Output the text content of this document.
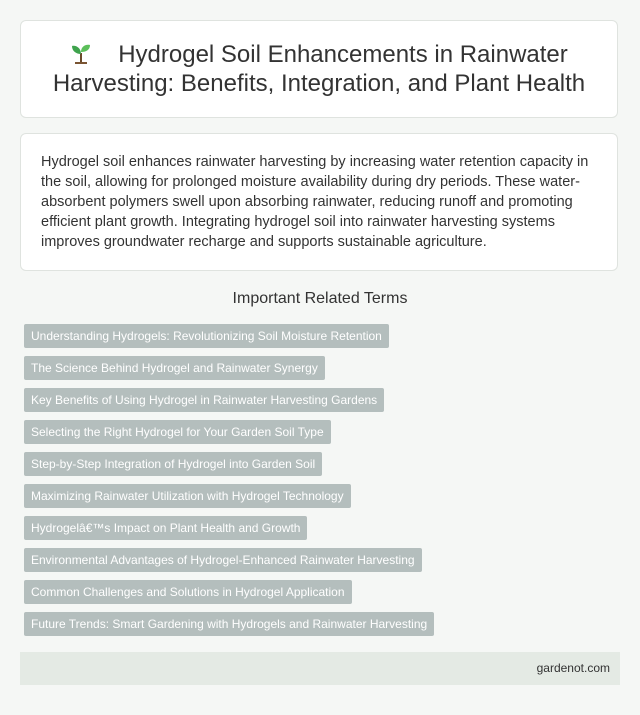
Hydrogel Soil Enhancements in Rainwater Harvesting: Benefits, Integration, and Plant Health

Hydrogel soil enhances rainwater harvesting by increasing water retention capacity in the soil, allowing for prolonged moisture availability during dry periods. These water-absorbent polymers swell upon absorbing rainwater, reducing runoff and promoting efficient plant growth. Integrating hydrogel soil into rainwater harvesting systems improves groundwater recharge and supports sustainable agriculture.

Important Related Terms
Understanding Hydrogels: Revolutionizing Soil Moisture Retention
The Science Behind Hydrogel and Rainwater Synergy
Key Benefits of Using Hydrogel in Rainwater Harvesting Gardens
Selecting the Right Hydrogel for Your Garden Soil Type
Step-by-Step Integration of Hydrogel into Garden Soil
Maximizing Rainwater Utilization with Hydrogel Technology
Hydrogelâ€™s Impact on Plant Health and Growth
Environmental Advantages of Hydrogel-Enhanced Rainwater Harvesting
Common Challenges and Solutions in Hydrogel Application
Future Trends: Smart Gardening with Hydrogels and Rainwater Harvesting
gardenot.com
